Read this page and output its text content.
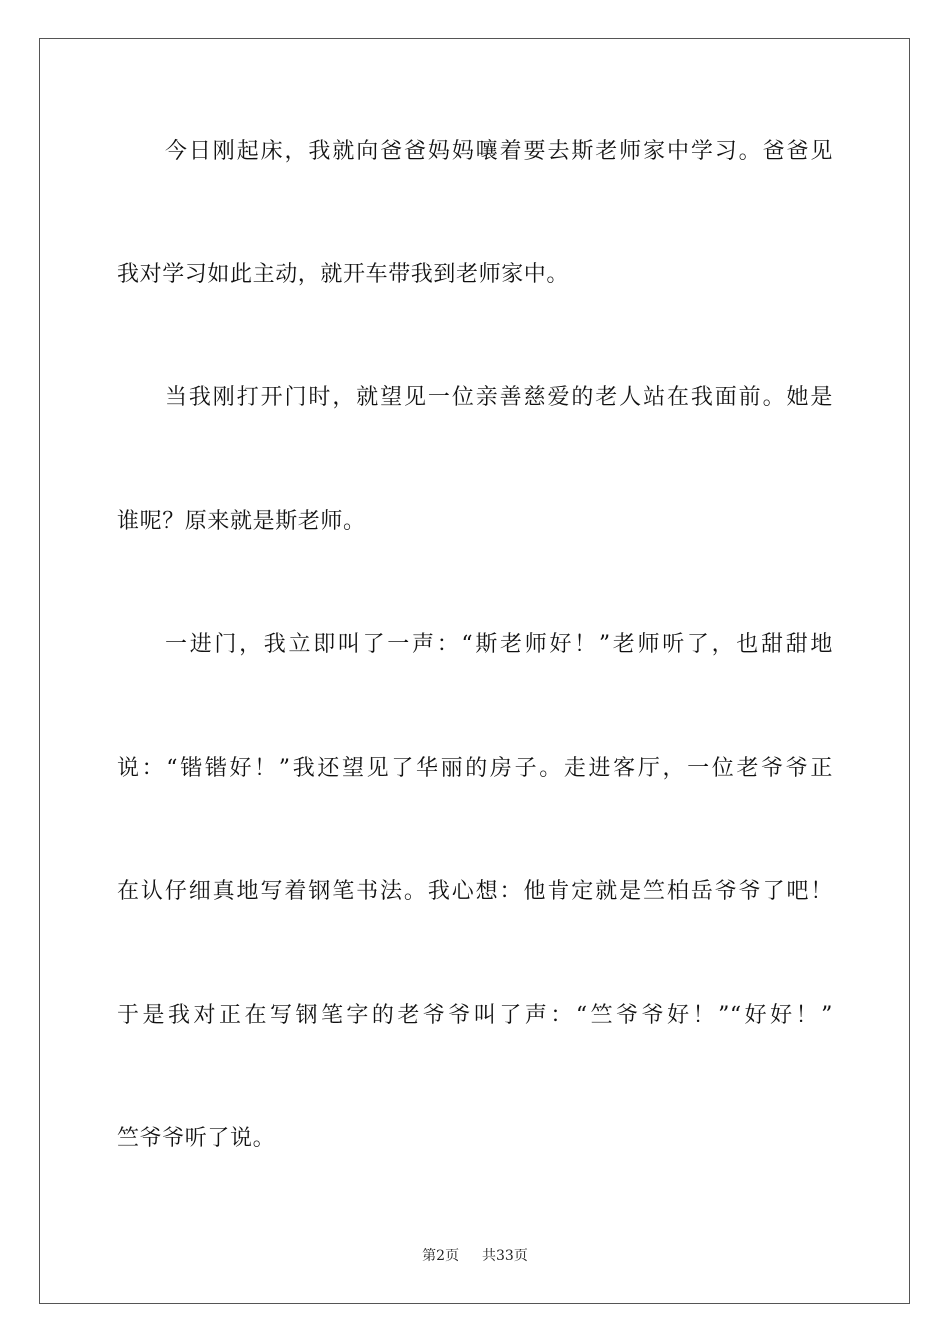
今日刚起床，我就向爸爸妈妈嚷着要去斯老师家中学习。爸爸见
我对学习如此主动，就开车带我到老师家中。
当我刚打开门时，就望见一位亲善慈爱的老人站在我面前。她是
谁呢？原来就是斯老师。
一进门，我立即叫了一声：“斯老师好！”老师听了，也甜甜地
说：“锴锴好！”我还望见了华丽的房子。走进客厅，一位老爷爷正
在认仔细真地写着钢笔书法。我心想：他肯定就是竺柏岳爷爷了吧！
于是我对正在写钢笔字的老爷爷叫了声：“竺爷爷好！”“好好！”
竺爷爷听了说。
第2页 共33页
